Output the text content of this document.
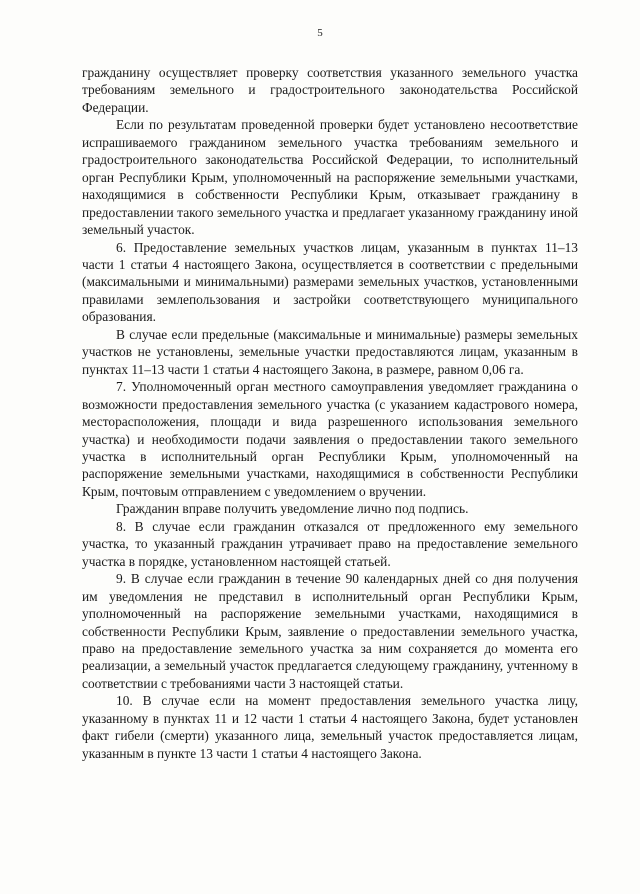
5

гражданину осуществляет проверку соответствия указанного земельного участка требованиям земельного и градостроительного законодательства Российской Федерации.

Если по результатам проведенной проверки будет установлено несоответствие испрашиваемого гражданином земельного участка требованиям земельного и градостроительного законодательства Российской Федерации, то исполнительный орган Республики Крым, уполномоченный на распоряжение земельными участками, находящимися в собственности Республики Крым, отказывает гражданину в предоставлении такого земельного участка и предлагает указанному гражданину иной земельный участок.

6. Предоставление земельных участков лицам, указанным в пунктах 11–13 части 1 статьи 4 настоящего Закона, осуществляется в соответствии с предельными (максимальными и минимальными) размерами земельных участков, установленными правилами землепользования и застройки соответствующего муниципального образования.

В случае если предельные (максимальные и минимальные) размеры земельных участков не установлены, земельные участки предоставляются лицам, указанным в пунктах 11–13 части 1 статьи 4 настоящего Закона, в размере, равном 0,06 га.

7. Уполномоченный орган местного самоуправления уведомляет гражданина о возможности предоставления земельного участка (с указанием кадастрового номера, месторасположения, площади и вида разрешенного использования земельного участка) и необходимости подачи заявления о предоставлении такого земельного участка в исполнительный орган Республики Крым, уполномоченный на распоряжение земельными участками, находящимися в собственности Республики Крым, почтовым отправлением с уведомлением о вручении.

Гражданин вправе получить уведомление лично под подпись.

8. В случае если гражданин отказался от предложенного ему земельного участка, то указанный гражданин утрачивает право на предоставление земельного участка в порядке, установленном настоящей статьей.

9. В случае если гражданин в течение 90 календарных дней со дня получения им уведомления не представил в исполнительный орган Республики Крым, уполномоченный на распоряжение земельными участками, находящимися в собственности Республики Крым, заявление о предоставлении земельного участка, право на предоставление земельного участка за ним сохраняется до момента его реализации, а земельный участок предлагается следующему гражданину, учтенному в соответствии с требованиями части 3 настоящей статьи.

10. В случае если на момент предоставления земельного участка лицу, указанному в пунктах 11 и 12 части 1 статьи 4 настоящего Закона, будет установлен факт гибели (смерти) указанного лица, земельный участок предоставляется лицам, указанным в пункте 13 части 1 статьи 4 настоящего Закона.
